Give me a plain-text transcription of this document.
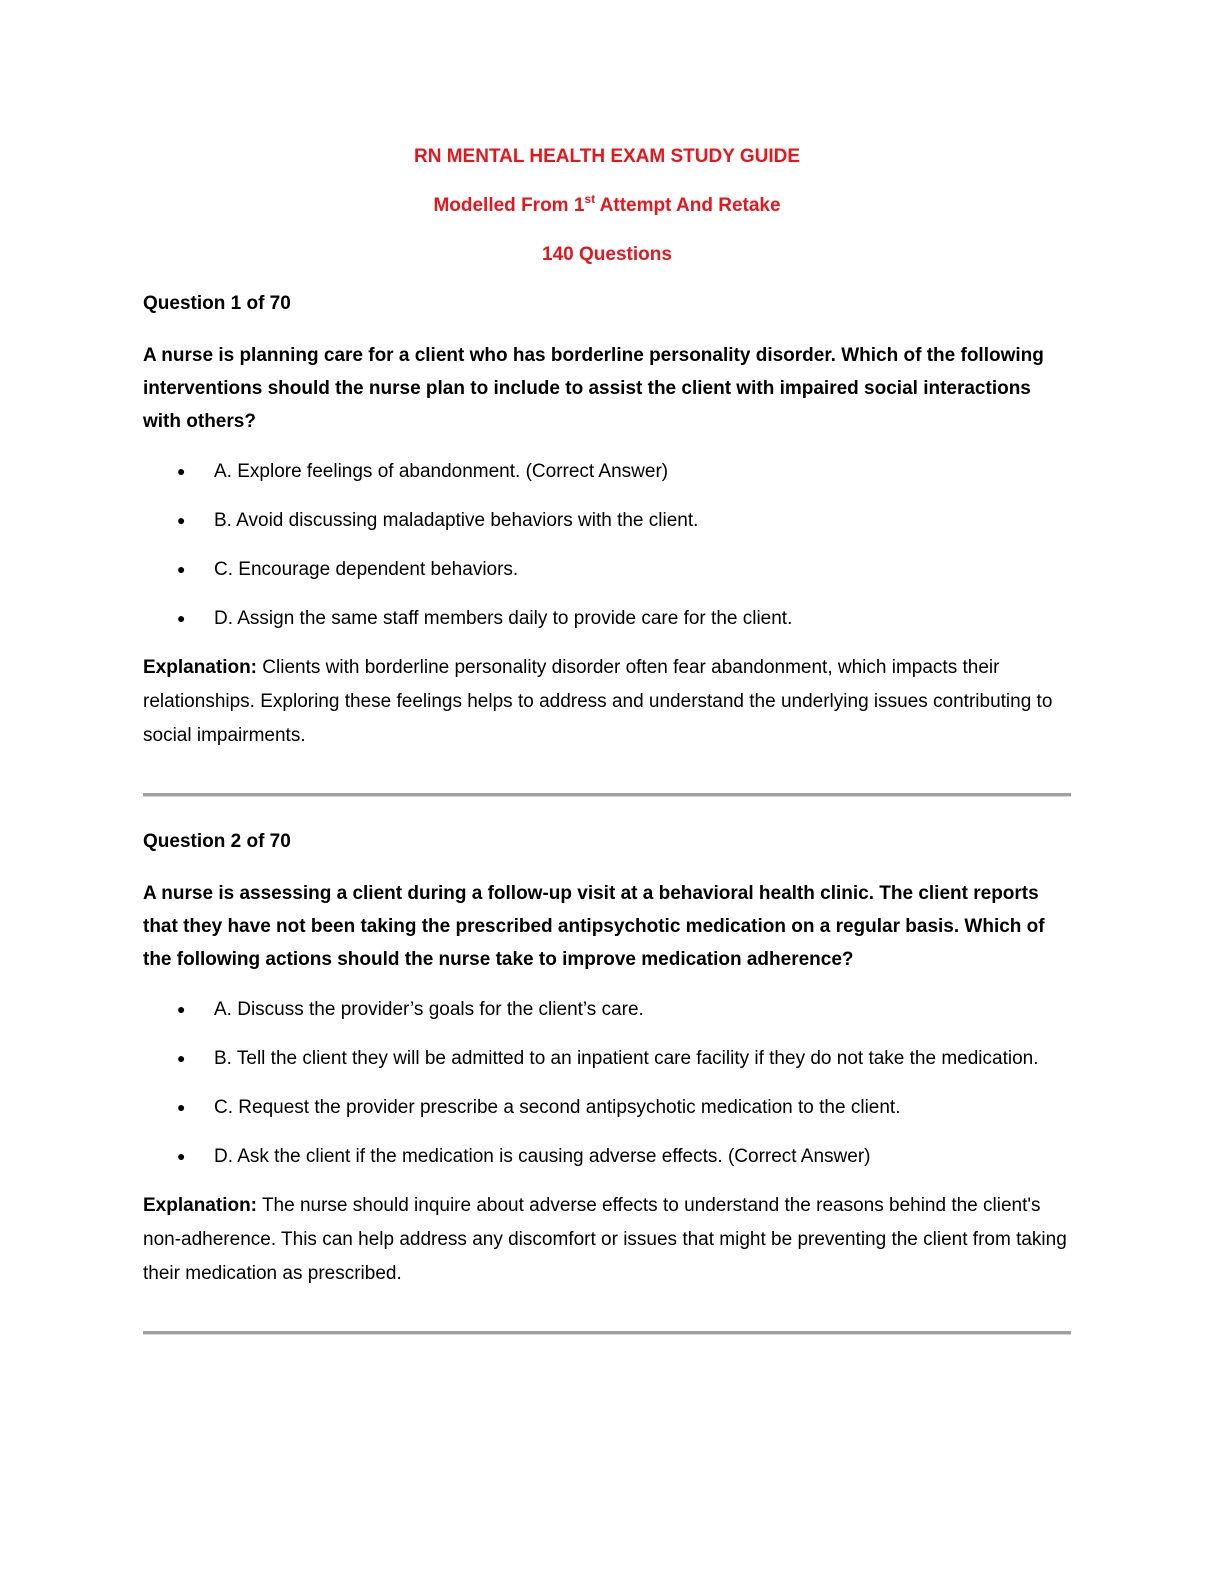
RN MENTAL HEALTH EXAM STUDY GUIDE

Modelled From 1st Attempt And Retake

140 Questions

Question 1 of 70

A nurse is planning care for a client who has borderline personality disorder. Which of the following interventions should the nurse plan to include to assist the client with impaired social interactions with others?

● A. Explore feelings of abandonment. (Correct Answer)
● B. Avoid discussing maladaptive behaviors with the client.
● C. Encourage dependent behaviors.
● D. Assign the same staff members daily to provide care for the client.

Explanation: Clients with borderline personality disorder often fear abandonment, which impacts their relationships. Exploring these feelings helps to address and understand the underlying issues contributing to social impairments.

Question 2 of 70

A nurse is assessing a client during a follow-up visit at a behavioral health clinic. The client reports that they have not been taking the prescribed antipsychotic medication on a regular basis. Which of the following actions should the nurse take to improve medication adherence?

● A. Discuss the provider’s goals for the client’s care.
● B. Tell the client they will be admitted to an inpatient care facility if they do not take the medication.
● C. Request the provider prescribe a second antipsychotic medication to the client.
● D. Ask the client if the medication is causing adverse effects. (Correct Answer)

Explanation: The nurse should inquire about adverse effects to understand the reasons behind the client's non-adherence. This can help address any discomfort or issues that might be preventing the client from taking their medication as prescribed.
